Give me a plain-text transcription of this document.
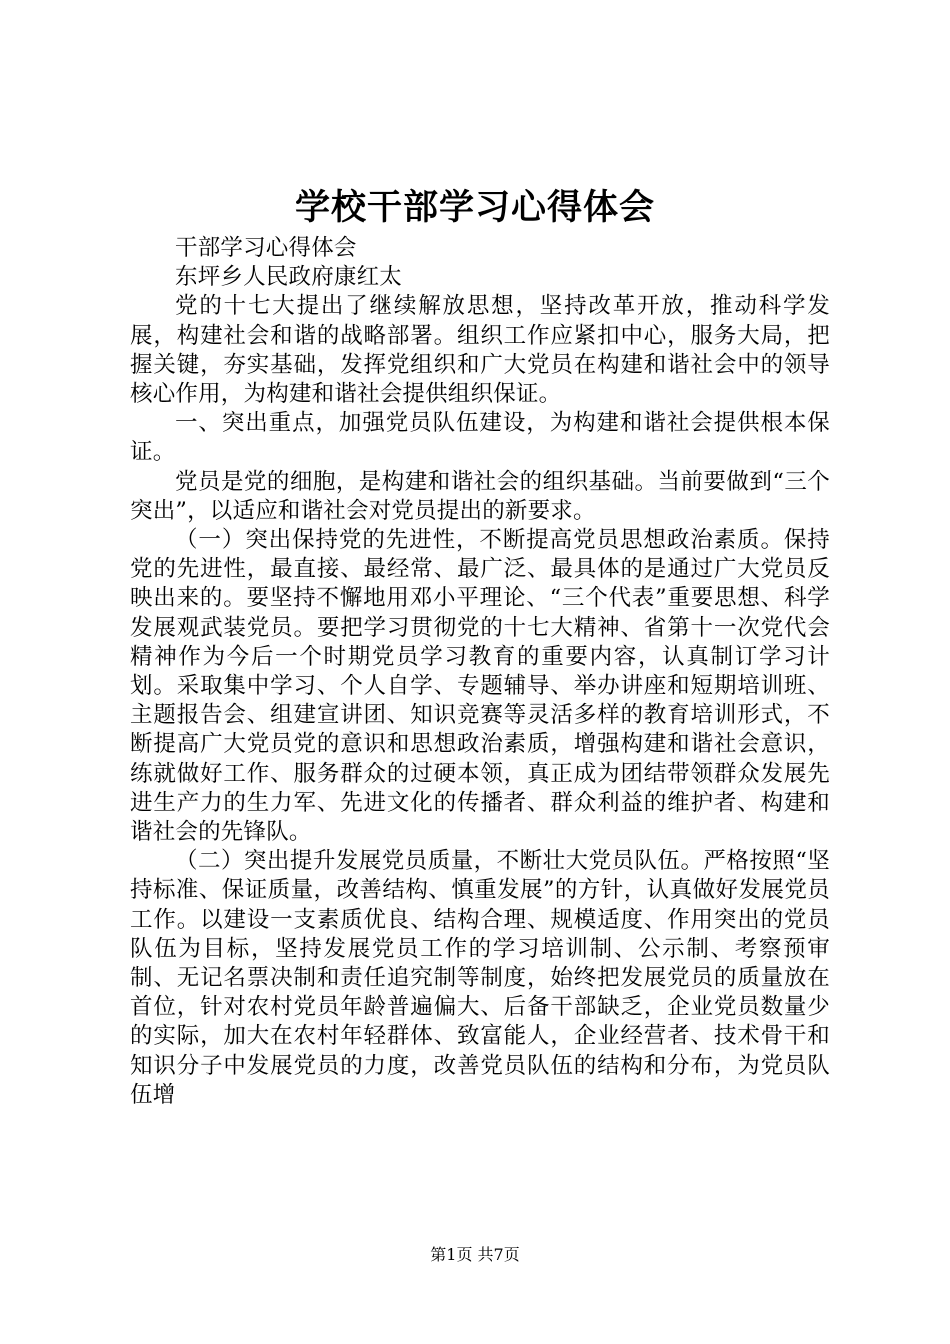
学校干部学习心得体会

干部学习心得体会

东坪乡人民政府康红太

党的十七大提出了继续解放思想，坚持改革开放，推动科学发展，构建社会和谐的战略部署。组织工作应紧扣中心，服务大局，把握关键，夯实基础，发挥党组织和广大党员在构建和谐社会中的领导核心作用，为构建和谐社会提供组织保证。

一、突出重点，加强党员队伍建设，为构建和谐社会提供根本保证。

党员是党的细胞，是构建和谐社会的组织基础。当前要做到“三个突出”，以适应和谐社会对党员提出的新要求。

（一）突出保持党的先进性，不断提高党员思想政治素质。保持党的先进性，最直接、最经常、最广泛、最具体的是通过广大党员反映出来的。要坚持不懈地用邓小平理论、“三个代表”重要思想、科学发展观武装党员。要把学习贯彻党的十七大精神、省第十一次党代会精神作为今后一个时期党员学习教育的重要内容，认真制订学习计划。采取集中学习、个人自学、专题辅导、举办讲座和短期培训班、主题报告会、组建宣讲团、知识竞赛等灵活多样的教育培训形式，不断提高广大党员党的意识和思想政治素质，增强构建和谐社会意识，练就做好工作、服务群众的过硬本领，真正成为团结带领群众发展先进生产力的生力军、先进文化的传播者、群众利益的维护者、构建和谐社会的先锋队。

（二）突出提升发展党员质量，不断壮大党员队伍。严格按照“坚持标准、保证质量，改善结构、慎重发展”的方针，认真做好发展党员工作。以建设一支素质优良、结构合理、规模适度、作用突出的党员队伍为目标，坚持发展党员工作的学习培训制、公示制、考察预审制、无记名票决制和责任追究制等制度，始终把发展党员的质量放在首位，针对农村党员年龄普遍偏大、后备干部缺乏，企业党员数量少的实际，加大在农村年轻群体、致富能人，企业经营者、技术骨干和知识分子中发展党员的力度，改善党员队伍的结构和分布，为党员队伍增

第1页 共7页
